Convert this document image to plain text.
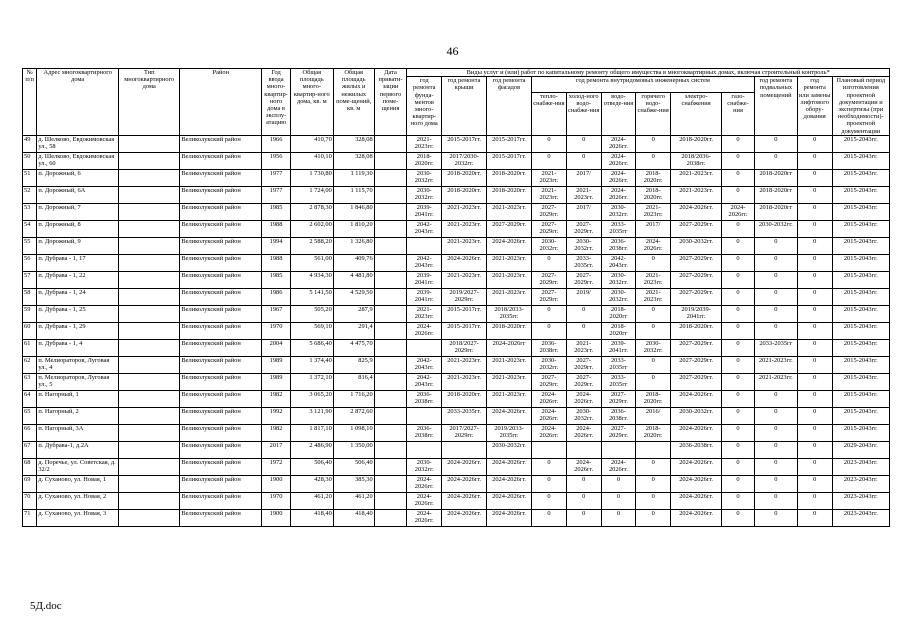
46
№ п/п	Адрес многоквартирного дома	Тип многоквартирного дома	Район	Год ввода много-квартир-ного дома в эксплу-атацию	Общая площадь много-квартир-ного дома, кв. м	Общая площадь жилых и нежилых поме-щений, кв. м	Дата привати-зации первого поме-щения	Виды услуг и (или) работ по капитальному ремонту общего имущества в многоквартирных домах, включая строительный контроль*											
								год ремонта фунда-ментов много-квартир-ного дома	год ремонта крыши	год ремонта фасадов	год ремонта внутридомовых инженерных систем						год ремонта подвальных помещений	год ремонта или замены лифтового обору-дования	Плановый период изготовления проектной документации и экспертизы (при необходимости)- проектной документации
											тепло-снабже-ния	холод-ного водо-снабже-ния	водо-отведе-ния	горячего водо-снабже-ния	электро-снабжения	газо-снабже-ния			
49	д. Шелково, Евдокимовская ул., 58		Великолукский район	1966	410,70	328,08		2021-2023гг.	2015-2017гг.	2015-2017гг.	0	0	2024-2026гг.	0	2018-2020гг.	0	0	0	2015-2043гг.
50	д. Шелково, Евдокимовская ул., 60		Великолукский район	1956	410,10	328,08		2018-2020гг.	2017/2030-2032гг.	2015-2017гг.	0	0	2024-2026гг.	0	2018/2036-2038гг.	0	0	0	2015-2043гг.
51	п. Дорожный, 6		Великолукский район	1977	1 730,80	1 119,30		2030-2032гг.	2018-2020гг.	2018-2020гг.	2021-2023гг.	2017/	2024-2026гг.	2018-2020гг.	2021-2023гг.	0	2018-2020гг	0	2015-2043гг.
52	п. Дорожный, 6А		Великолукский район	1977	1 724,00	1 115,70		2030-2032гг.	2018-2020гг.	2018-2020гг.	2021-2023гг.	2021-2023гг.	2024-2026гг.	2018-2020гг.	2021-2023гг.	0	2018-2020гг	0	2015-2043гг.
53	п. Дорожный, 7		Великолукский район	1985	2 878,30	1 846,80		2039-2041гг.	2021-2023гг.	2021-2023гг.	2027-2029гг.	2017/	2030-2032гг.	2021-2023гг.	2024-2026гг.	2024-2026гг.	2018-2020гг	0	2015-2043гг.
54	п. Дорожный, 8		Великолукский район	1988	2 602,00	1 810,20		2042-2043гг.	2021-2023гг.	2027-2029гг.	2027-2029гг.	2027-2029гг.	2033-2035гг	2017/	2027-2029гг.	0	2030-2032гг.	0	2015-2043гг.
55	п. Дорожный, 9		Великолукский район	1994	2 588,20	1 326,80			2021-2023гг.	2024-2026гг.	2030-2032гг.	2030-2032гг.	2036-2038гг.	2024-2026гг.	2030-2032гг.	0	0	0	2015-2043гг.
56	п. Дубрава - 1, 17		Великолукский район	1988	561,00	409,76		2042-2043гг.	2024-2026гг.	2021-2023гг.	0	2033-2035гг.	2042-2043гг.	0	2027-2029гг.	0	0	0	2015-2043гг.
57	п. Дубрава - 1, 22		Великолукский район	1985	4 934,30	4 481,80		2039-2041гг.	2021-2023гг.	2021-2023гг.	2027-2029гг.	2027-2029гг.	2030-2032гг.	2021-2023гг.	2027-2029гг.	0	0	0	2015-2043гг.
58	п. Дубрава - 1, 24		Великолукский район	1986	5 141,50	4 529,50		2039-2041гг.	2019/2027-2029гг.	2021-2023гг.	2027-2029гг.	2019/	2030-2032гг.	2021-2023гг.	2027-2029гг.	0	0	0	2015-2043гг.
59	п. Дубрава - 1, 25		Великолукский район	1967	505,20	287,9		2021-2023гг.	2015-2017гг.	2018/2033-2035гг.	0	0	2018-2020гг	0	2019/2039-2041гг.	0	0	0	2015-2043гг.
60	п. Дубрава - 1, 29		Великолукский район	1970	569,10	291,4		2024-2026гг.	2015-2017гг.	2018-2020гг.	0	0	2018-2020гг	0	2018-2020гг.	0	0	0	2015-2043гг.
61	п. Дубрава - 1, 4		Великолукский район	2004	5 686,40	4 475,70			2018/2027-2029гг.	2024-2026гг	2036-2038гг.	2021-2023гг.	2039-2041гг.	2030-2032гг.	2027-2029гг.	0	2033-2035гг	0	2015-2043гг.
62	п. Мелиораторов, Луговая ул., 4		Великолукский район	1989	1 374,40	825,9		2042-2043гг.	2021-2023гг.	2021-2023гг.	2030-2032гг.	2027-2029гг.	2033-2035гг	0	2027-2029гг.	0	2021-2023гг.	0	2015-2043гг.
63	п. Мелиораторов, Луговая ул., 5		Великолукский район	1989	1 372,10	816,4		2042-2043гг.	2021-2023гг.	2021-2023гг.	2027-2029гг.	2027-2029гг.	2033-2035гг	0	2027-2029гг.	0	2021-2023гг.	0	2015-2043гг.
64	п. Нагорный, 1		Великолукский район	1982	3 065,20	1 716,20		2036-2038гг.	2018-2020гг.	2021-2023гг.	2024-2026гг.	2024-2026гг.	2027-2029гг.	2018-2020гг.	2024-2026гг.	0	0	0	2015-2043гг.
65	п. Нагорный, 2		Великолукский район	1992	3 121,90	2 872,60			2033-2035гг.	2024-2026гг.	2024-2026гг.	2030-2032гг.	2036-2038гг.	2016/	2030-2032гг.	0	0	0	2015-2043гг.
66	п. Нагорный, 3А		Великолукский район	1982	1 817,10	1 098,10		2036-2038гг.	2017/2027-2029гг.	2019/2033-2035гг.	2024-2026гг.	2024-2026гг.	2027-2029гг.	2018-2020гг.	2024-2026гг.	0	0	0	2015-2043гг.
67	п. Дубрава-1, д.2А		Великолукский район	2017	2 486,90	1 350,00				2030-2032гг.					2036-2038гг.	0	0	0	2029-2043гг.
68	д. Поречье, ул. Советская, д. 32/2		Великолукский район	1972	506,40	506,40		2030-2032гг.	2024-2026гг.	2024-2026гг.	0	2024-2026гг.	2024-2026гг.	0	2024-2026гг.	0	0	0	2023-2043гг.
69	д. Суханово, ул. Новая, 1		Великолукский район	1900	428,30	385,30		2024-2026гг.	2024-2026гг.	2024-2026гг.	0	0	0	0	2024-2026гг.	0	0	0	2023-2043гг.
70	д. Суханово, ул. Новая, 2		Великолукский район	1970	461,20	461,20		2024-2026гг.	2024-2026гг.	2024-2026гг.	0	0	0	0	2024-2026гг.	0	0	0	2023-2043гг.
71	д. Суханово, ул. Новая, 3		Великолукский район	1900	418,40	418,40		2024-2026гг.	2024-2026гг.	2024-2026гг.	0	0	0	0	2024-2026гг.	0	0	0	2023-2043гг.
5Д.doc
